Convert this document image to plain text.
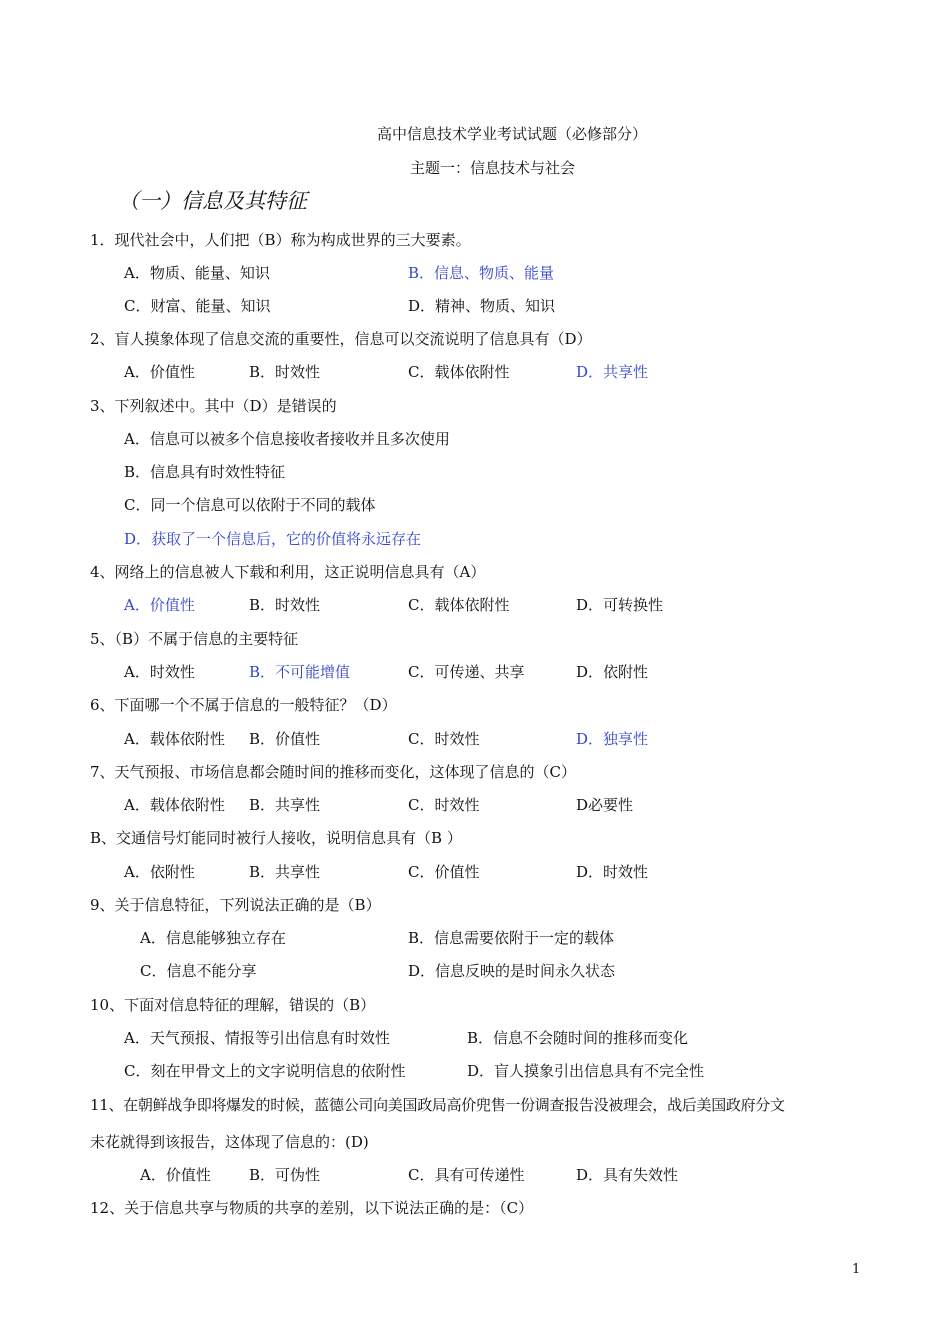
高中信息技术学业考试试题（必修部分）
主题一：信息技术与社会
（一）信息及其特征
1．现代社会中，人们把（B）称为构成世界的三大要素。
A．物质、能量、知识	B．信息、物质、能量
C．财富、能量、知识	D．精神、物质、知识
2、盲人摸象体现了信息交流的重要性，信息可以交流说明了信息具有（D）
A．价值性	B．时效性	C．载体依附性	D．共享性
3、下列叙述中。其中（D）是错误的
A．信息可以被多个信息接收者接收并且多次使用
B．信息具有时效性特征
C．同一个信息可以依附于不同的载体
D．获取了一个信息后，它的价值将永远存在
4、网络上的信息被人下载和利用，这正说明信息具有（A）
A．价值性	B．时效性	C．载体依附性	D．可转换性
5、（B）不属于信息的主要特征
A．时效性	B．不可能增值	C．可传递、共享	D．依附性
6、下面哪一个不属于信息的一般特征？（D）
A．载体依附性 B．价值性	C．时效性	D．独享性
7、天气预报、市场信息都会随时间的推移而变化，这体现了信息的（C）
A．载体依附性 B．共享性	C．时效性	D必要性
B、交通信号灯能同时被行人接收，说明信息具有（B ）
A．依附性	B．共享性	C．价值性	D．时效性
9、关于信息特征，下列说法正确的是（B）
A．信息能够独立存在	B．信息需要依附于一定的载体
C．信息不能分享	D．信息反映的是时间永久状态
10、下面对信息特征的理解，错误的（B）
A．天气预报、情报等引出信息有时效性	B．信息不会随时间的推移而变化
C．刻在甲骨文上的文字说明信息的依附性	D．盲人摸象引出信息具有不完全性
11、在朝鲜战争即将爆发的时候，蓝德公司向美国政局高价兜售一份调查报告没被理会，战后美国政府分文
未花就得到该报告，这体现了信息的：(D)
A．价值性	B．可伪性	C．具有可传递性	D．具有失效性
12、关于信息共享与物质的共享的差别，以下说法正确的是：（C）
1
